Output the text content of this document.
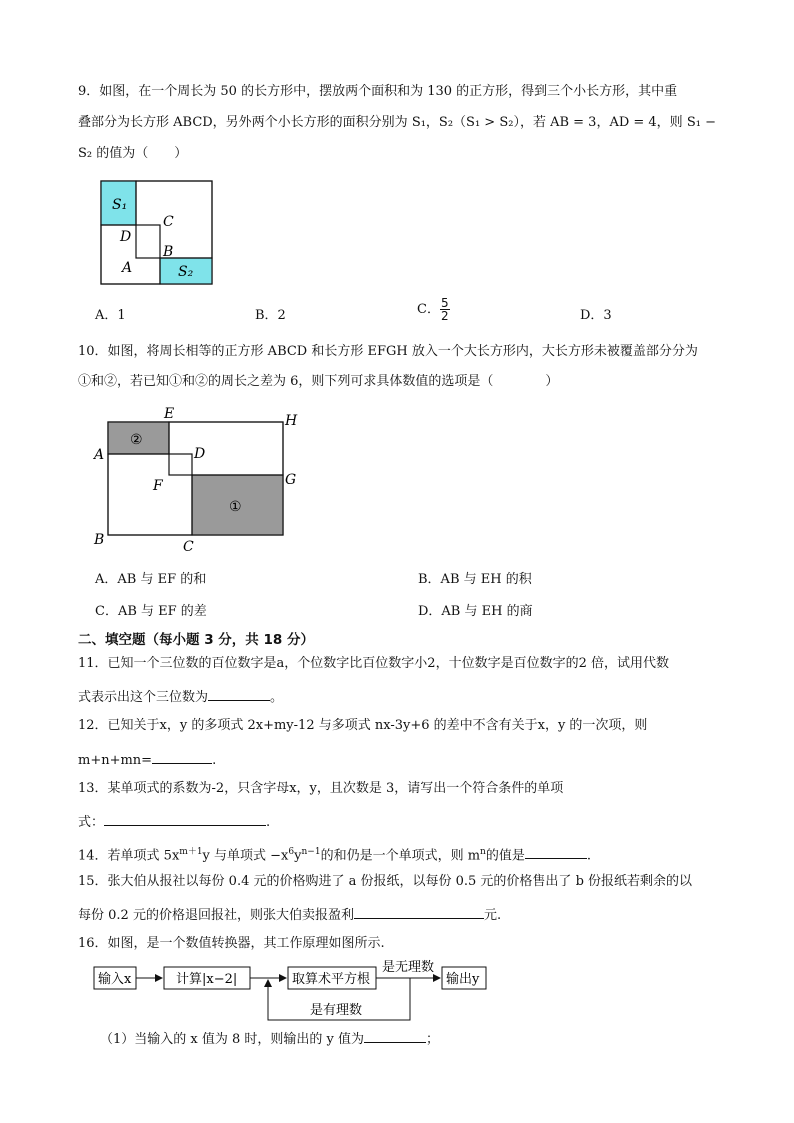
9．如图，在一个周长为 50 的长方形中，摆放两个面积和为 130 的正方形，得到三个小长方形，其中重
叠部分为长方形 ABCD，另外两个小长方形的面积分别为 S₁，S₂（S₁ > S₂），若 AB = 3，AD = 4，则 S₁ −
S₂ 的值为（　　）
S₁
S₂
C
D
B
A
A．1	B．2	C． $\frac{5}{2}$	D．3
10．如图，将周长相等的正方形 ABCD 和长方形 EFGH 放入一个大长方形内，大长方形未被覆盖部分分为
①和②，若已知①和②的周长之差为 6，则下列可求具体数值的选项是（　　　　）
②
①
E	H
A	D
G
F
B	C
A．AB 与 EF 的和	B．AB 与 EH 的积
C．AB 与 EF 的差	D．AB 与 EH 的商
二、填空题（每小题 3 分，共 18 分）
11．已知一个三位数的百位数字是a，个位数字比百位数字小2，十位数字是百位数字的2 倍，试用代数
式表示出这个三位数为	。
12．已知关于x，y 的多项式 2x+my-12 与多项式 nx-3y+6 的差中不含有关于x，y 的一次项，则
m+n+mn=	.
13．某单项式的系数为-2，只含字母x，y，且次数是 3，请写出一个符合条件的单项
式：	.
14．若单项式 $5x^{m+1}y$ 与单项式 $-x^6y^{n-1}$的和仍是一个单项式，则 $m^n$的值是	.
15．张大伯从报社以每份 0.4 元的价格购进了 a 份报纸，以每份 0.5 元的价格售出了 b 份报纸若剩余的以
每份 0.2 元的价格退回报社，则张大伯卖报盈利	元.
16．如图，是一个数值转换器，其工作原理如图所示.
输入x	计算|x−2|	取算术平方根
是无理数
输出y
是有理数
（1）当输入的 x 值为 8 时，则输出的 y 值为	；
